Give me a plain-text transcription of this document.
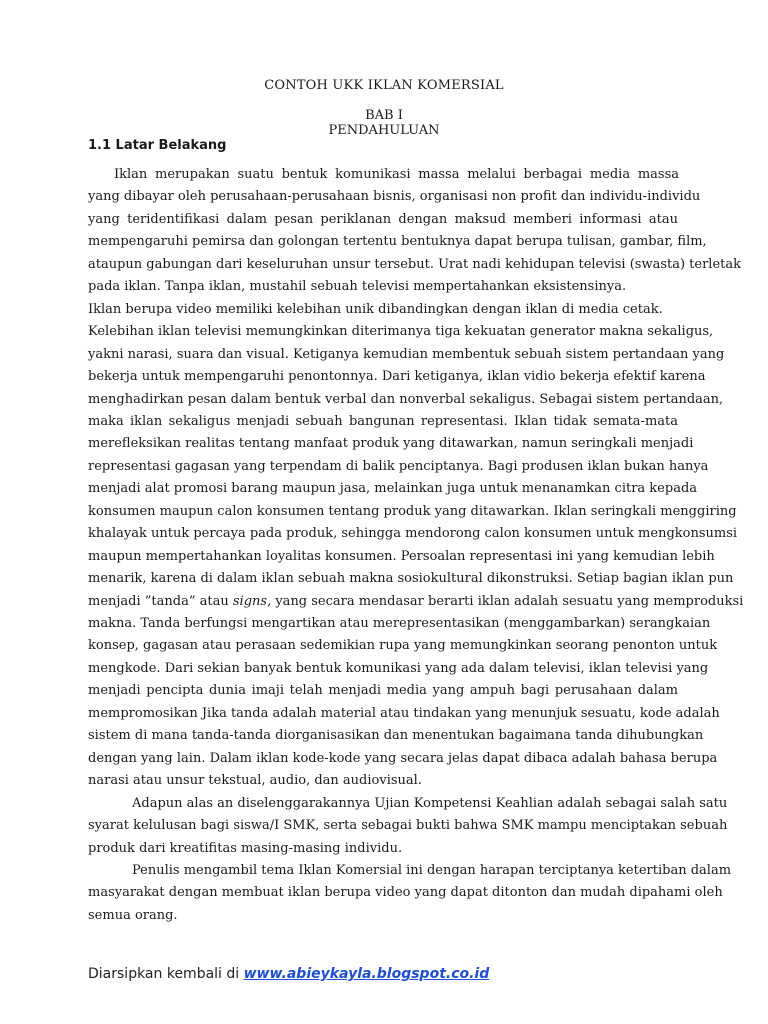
CONTOH UKK IKLAN KOMERSIAL
BAB I
PENDAHULUAN
1.1 Latar Belakang
Iklan merupakan suatu bentuk komunikasi massa melalui berbagai media massa
yang dibayar oleh perusahaan-perusahaan bisnis, organisasi non profit dan individu-individu
yang teridentifikasi dalam pesan periklanan dengan maksud memberi informasi atau
mempengaruhi pemirsa dan golongan tertentu bentuknya dapat berupa tulisan, gambar, film,
ataupun gabungan dari keseluruhan unsur tersebut. Urat nadi kehidupan televisi (swasta) terletak
pada iklan. Tanpa iklan, mustahil sebuah televisi mempertahankan eksistensinya.
Iklan berupa video memiliki kelebihan unik dibandingkan dengan iklan di media cetak.
Kelebihan iklan televisi memungkinkan diterimanya tiga kekuatan generator makna sekaligus,
yakni narasi, suara dan visual. Ketiganya kemudian membentuk sebuah sistem pertandaan yang
bekerja untuk mempengaruhi penontonnya. Dari ketiganya, iklan vidio bekerja efektif karena
menghadirkan pesan dalam bentuk verbal dan nonverbal sekaligus. Sebagai sistem pertandaan,
maka iklan sekaligus menjadi sebuah bangunan representasi. Iklan tidak semata-mata
merefleksikan realitas tentang manfaat produk yang ditawarkan, namun seringkali menjadi
representasi gagasan yang terpendam di balik penciptanya. Bagi produsen iklan bukan hanya
menjadi alat promosi barang maupun jasa, melainkan juga untuk menanamkan citra kepada
konsumen maupun calon konsumen tentang produk yang ditawarkan. Iklan seringkali menggiring
khalayak untuk percaya pada produk, sehingga mendorong calon konsumen untuk mengkonsumsi
maupun mempertahankan loyalitas konsumen. Persoalan representasi ini yang kemudian lebih
menarik, karena di dalam iklan sebuah makna sosiokultural dikonstruksi. Setiap bagian iklan pun
menjadi ”tanda” atau signs, yang secara mendasar berarti iklan adalah sesuatu yang memproduksi
makna. Tanda berfungsi mengartikan atau merepresentasikan (menggambarkan) serangkaian
konsep, gagasan atau perasaan sedemikian rupa yang memungkinkan seorang penonton untuk
mengkode. Dari sekian banyak bentuk komunikasi yang ada dalam televisi, iklan televisi yang
menjadi pencipta dunia imaji telah menjadi media yang ampuh bagi perusahaan dalam
mempromosikan Jika tanda adalah material atau tindakan yang menunjuk sesuatu, kode adalah
sistem di mana tanda-tanda diorganisasikan dan menentukan bagaimana tanda dihubungkan
dengan yang lain. Dalam iklan kode-kode yang secara jelas dapat dibaca adalah bahasa berupa
narasi atau unsur tekstual, audio, dan audiovisual.
Adapun alas an diselenggarakannya Ujian Kompetensi Keahlian adalah sebagai salah satu
syarat kelulusan bagi siswa/I SMK, serta sebagai bukti bahwa SMK mampu menciptakan sebuah
produk dari kreatifitas masing-masing individu.
Penulis mengambil tema Iklan Komersial ini dengan harapan terciptanya ketertiban dalam
masyarakat dengan membuat iklan berupa video yang dapat ditonton dan mudah dipahami oleh
semua orang.
Diarsipkan kembali di www.abieykayla.blogspot.co.id
